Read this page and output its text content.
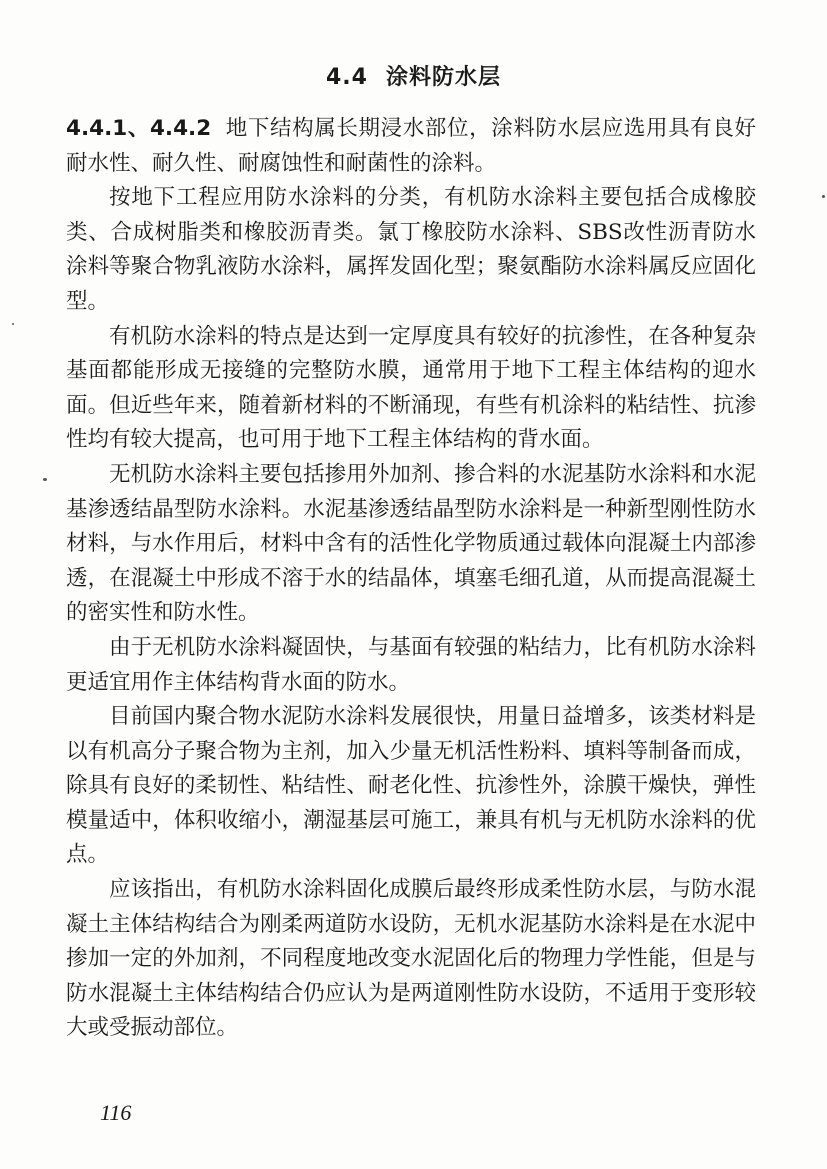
4.4 涂料防水层

4.4.1、4.4.2 地下结构属长期浸水部位，涂料防水层应选用具有良好耐水性、耐久性、耐腐蚀性和耐菌性的涂料。

按地下工程应用防水涂料的分类，有机防水涂料主要包括合成橡胶类、合成树脂类和橡胶沥青类。氯丁橡胶防水涂料、SBS改性沥青防水涂料等聚合物乳液防水涂料，属挥发固化型；聚氨酯防水涂料属反应固化型。

有机防水涂料的特点是达到一定厚度具有较好的抗渗性，在各种复杂基面都能形成无接缝的完整防水膜，通常用于地下工程主体结构的迎水面。但近些年来，随着新材料的不断涌现，有些有机涂料的粘结性、抗渗性均有较大提高，也可用于地下工程主体结构的背水面。

无机防水涂料主要包括掺用外加剂、掺合料的水泥基防水涂料和水泥基渗透结晶型防水涂料。水泥基渗透结晶型防水涂料是一种新型刚性防水材料，与水作用后，材料中含有的活性化学物质通过载体向混凝土内部渗透，在混凝土中形成不溶于水的结晶体，填塞毛细孔道，从而提高混凝土的密实性和防水性。

由于无机防水涂料凝固快，与基面有较强的粘结力，比有机防水涂料更适宜用作主体结构背水面的防水。

目前国内聚合物水泥防水涂料发展很快，用量日益增多，该类材料是以有机高分子聚合物为主剂，加入少量无机活性粉料、填料等制备而成，除具有良好的柔韧性、粘结性、耐老化性、抗渗性外，涂膜干燥快，弹性模量适中，体积收缩小，潮湿基层可施工，兼具有机与无机防水涂料的优点。

应该指出，有机防水涂料固化成膜后最终形成柔性防水层，与防水混凝土主体结构结合为刚柔两道防水设防，无机水泥基防水涂料是在水泥中掺加一定的外加剂，不同程度地改变水泥固化后的物理力学性能，但是与防水混凝土主体结构结合仍应认为是两道刚性防水设防，不适用于变形较大或受振动部位。

116
